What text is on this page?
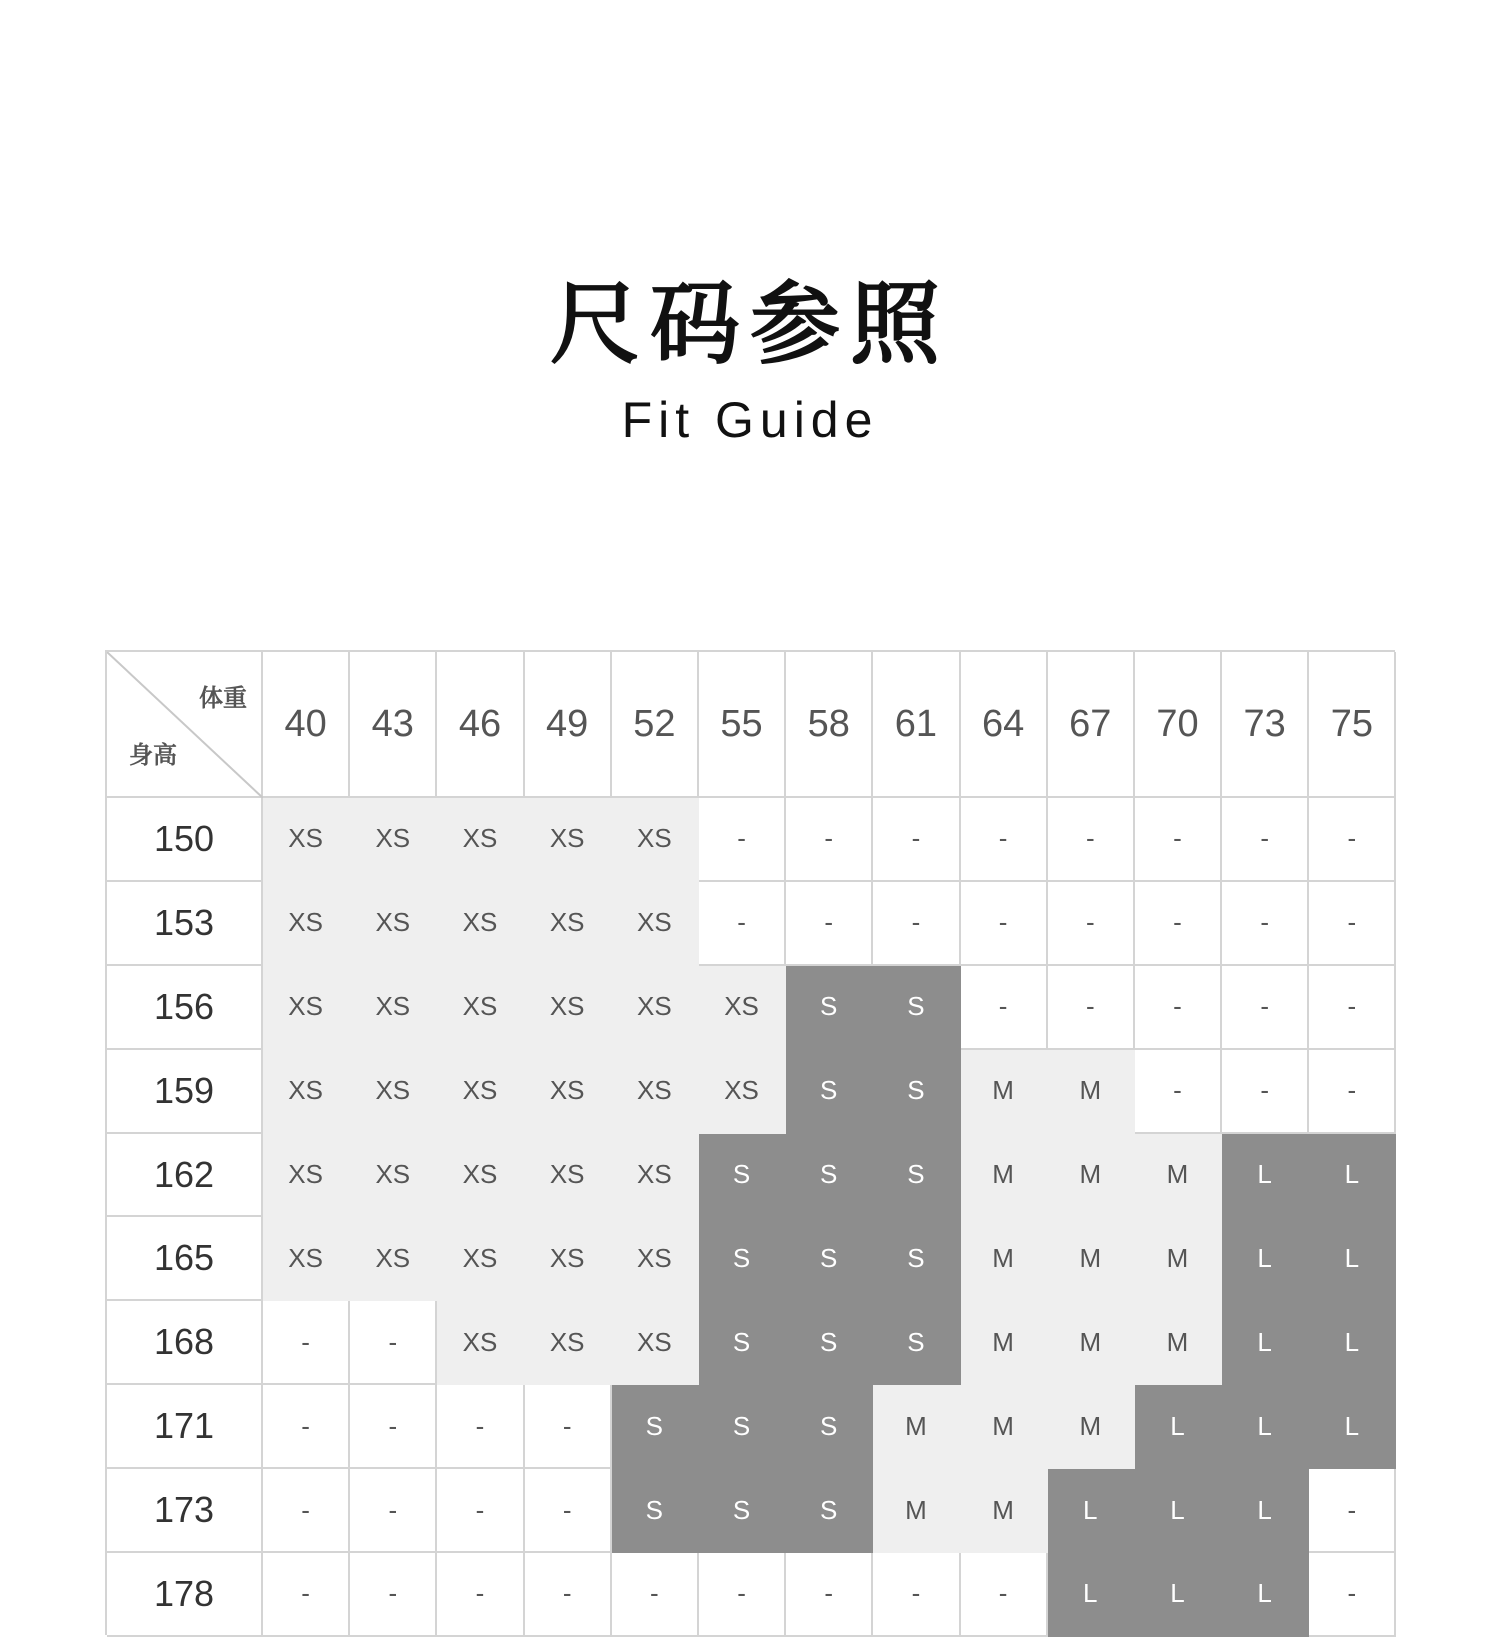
尺码参照
Fit Guide
体重
身高
40	43	46	49	52	55	58	61	64	67	70	73	75
150	XS	XS	XS	XS	XS	-	-	-	-	-	-	-	-
153	XS	XS	XS	XS	XS	-	-	-	-	-	-	-	-
156	XS	XS	XS	XS	XS	XS	S	S	-	-	-	-	-
159	XS	XS	XS	XS	XS	XS	S	S	M	M	-	-	-
162	XS	XS	XS	XS	XS	S	S	S	M	M	M	L	L
165	XS	XS	XS	XS	XS	S	S	S	M	M	M	L	L
168	-	-	XS	XS	XS	S	S	S	M	M	M	L	L
171	-	-	-	-	S	S	S	M	M	M	L	L	L
173	-	-	-	-	S	S	S	M	M	L	L	L	-
178	-	-	-	-	-	-	-	-	-	L	L	L	-
